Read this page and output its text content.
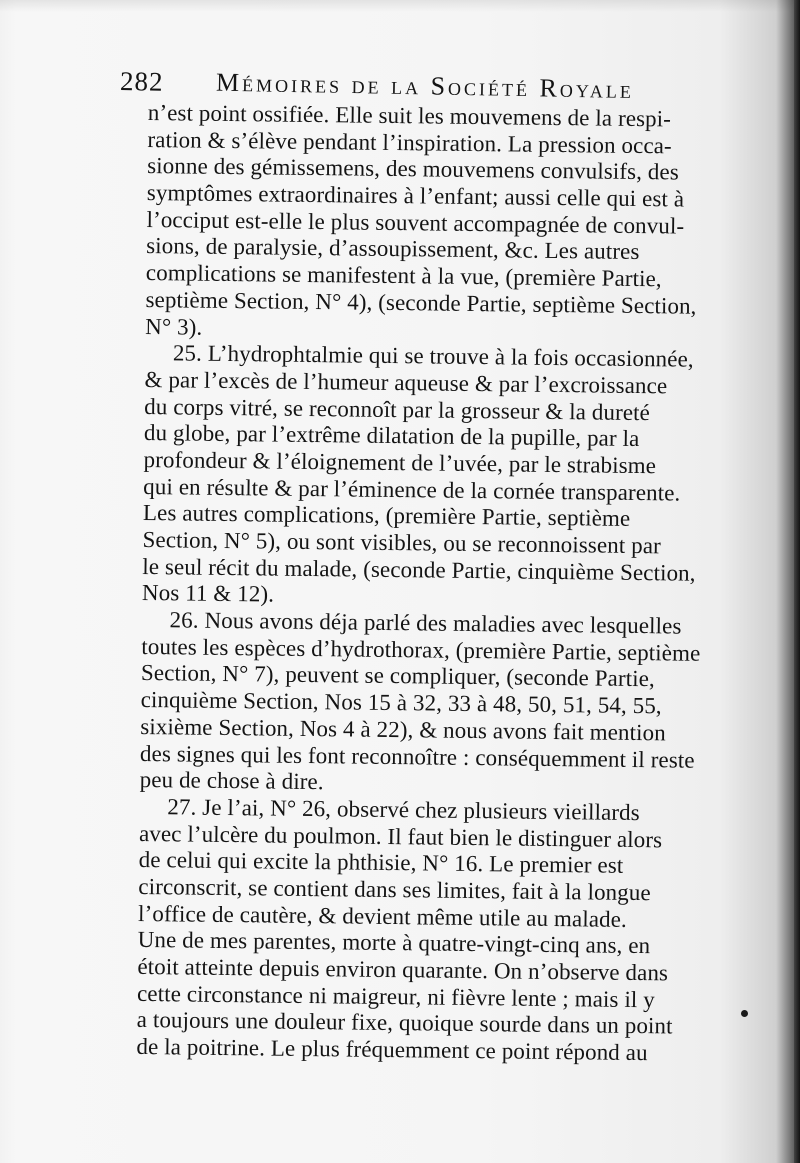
282 Mémoires de la Société Royale
n’est point ossifiée. Elle suit les mouvemens de la respi-
ration & s’élève pendant l’inspiration. La pression occa-
sionne des gémissemens, des mouvemens convulsifs, des
symptômes extraordinaires à l’enfant; aussi celle qui est à
l’occiput est-elle le plus souvent accompagnée de convul-
sions, de paralysie, d’assoupissement, &c. Les autres
complications se manifestent à la vue, (première Partie,
septième Section, N° 4), (seconde Partie, septième Section,
N° 3).
25. L’hydrophtalmie qui se trouve à la fois occasionnée,
& par l’excès de l’humeur aqueuse & par l’excroissance
du corps vitré, se reconnoît par la grosseur & la dureté
du globe, par l’extrême dilatation de la pupille, par la
profondeur & l’éloignement de l’uvée, par le strabisme
qui en résulte & par l’éminence de la cornée transparente.
Les autres complications, (première Partie, septième
Section, N° 5), ou sont visibles, ou se reconnoissent par
le seul récit du malade, (seconde Partie, cinquième Section,
Nos 11 & 12).
26. Nous avons déja parlé des maladies avec lesquelles
toutes les espèces d’hydrothorax, (première Partie, septième
Section, N° 7), peuvent se compliquer, (seconde Partie,
cinquième Section, Nos 15 à 32, 33 à 48, 50, 51, 54, 55,
sixième Section, Nos 4 à 22), & nous avons fait mention
des signes qui les font reconnoître : conséquemment il reste
peu de chose à dire.
27. Je l’ai, N° 26, observé chez plusieurs vieillards
avec l’ulcère du poulmon. Il faut bien le distinguer alors
de celui qui excite la phthisie, N° 16. Le premier est
circonscrit, se contient dans ses limites, fait à la longue
l’office de cautère, & devient même utile au malade.
Une de mes parentes, morte à quatre-vingt-cinq ans, en
étoit atteinte depuis environ quarante. On n’observe dans
cette circonstance ni maigreur, ni fièvre lente ; mais il y
a toujours une douleur fixe, quoique sourde dans un point
de la poitrine. Le plus fréquemment ce point répond au
